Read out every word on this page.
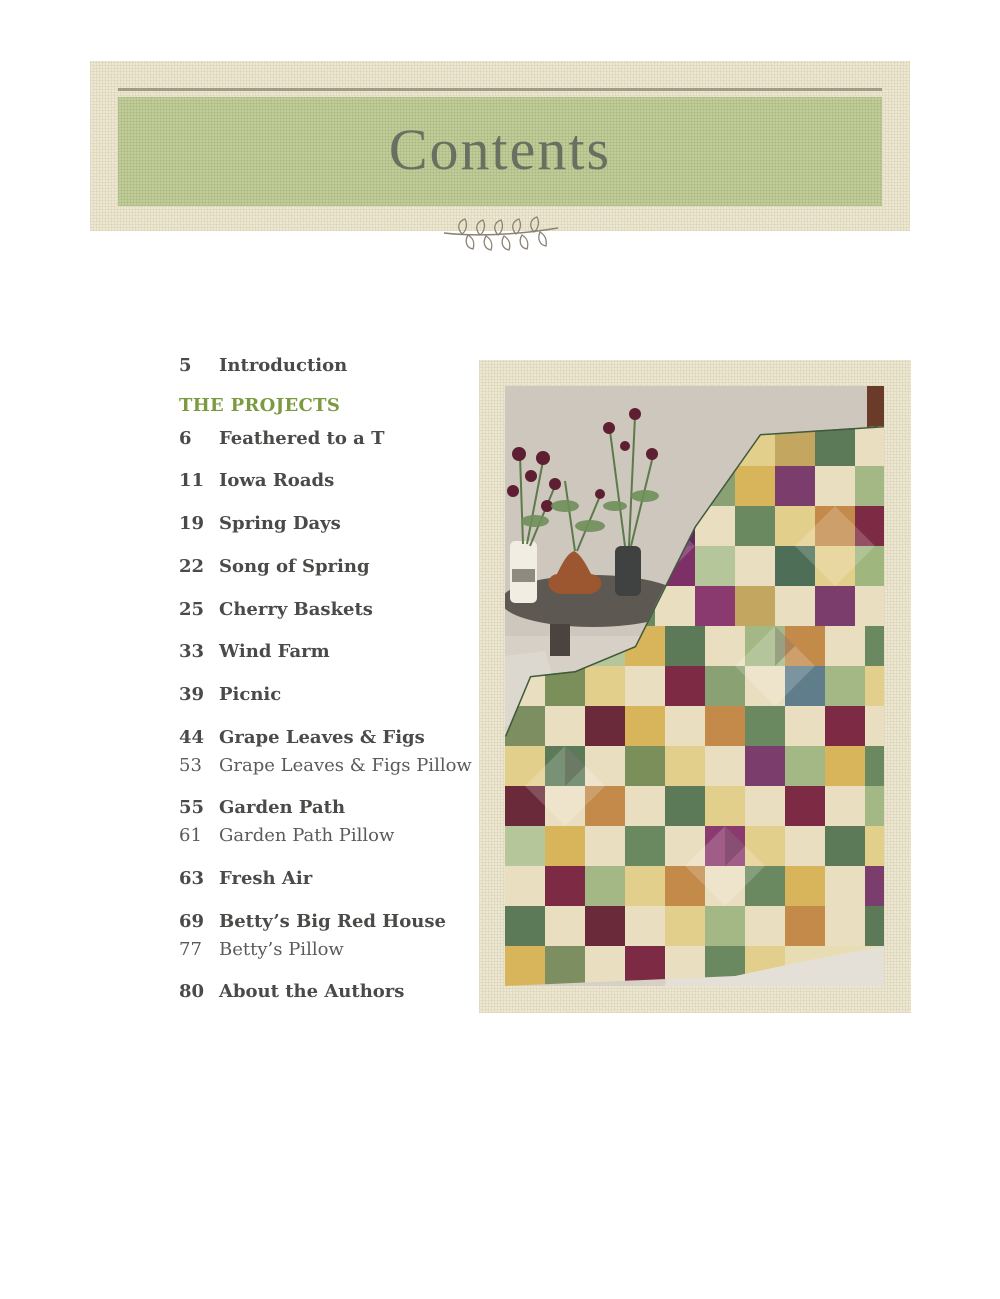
Contents
5 Introduction
THE PROJECTS
6 Feathered to a T
11 Iowa Roads
19 Spring Days
22 Song of Spring
25 Cherry Baskets
33 Wind Farm
39 Picnic
44 Grape Leaves & Figs
53 Grape Leaves & Figs Pillow
55 Garden Path
61 Garden Path Pillow
63 Fresh Air
69 Betty’s Big Red House
77 Betty’s Pillow
80 About the Authors
